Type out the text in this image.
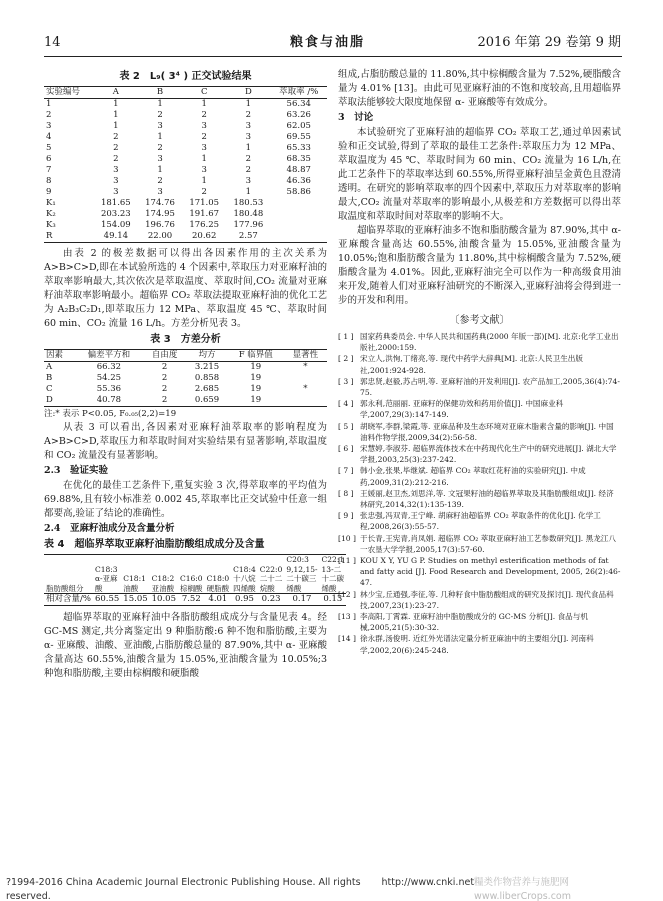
14	粮食与油脂	2016 年第 29 卷第 9 期
表 2　L₉( 3⁴ ) 正交试验结果
实验编号	A	B	C	D	萃取率 /%
1	1	1	1	1	56.34
2	1	2	2	2	63.26
3	1	3	3	3	62.05
4	2	1	2	3	69.55
5	2	2	3	1	65.33
6	2	3	1	2	68.35
7	3	1	3	2	48.87
8	3	2	1	3	46.36
9	3	3	2	1	58.86
K₁	181.65	174.76	171.05	180.53	
K₂	203.23	174.95	191.67	180.48	
K₃	154.09	196.76	176.25	177.96	
R	49.14	22.00	20.62	2.57	

由表 2 的极差数据可以得出各因素作用的主次关系为 A>B>C>D,即在本试验所选的 4 个因素中,萃取压力对亚麻籽油的萃取率影响最大,其次依次是萃取温度、萃取时间,CO₂ 流量对亚麻籽油萃取率影响最小。超临界 CO₂ 萃取法提取亚麻籽油的优化工艺为 A₂B₃C₂D₁,即萃取压力 12 MPa、萃取温度 45 ℃、萃取时间 60 min、CO₂ 流量 16 L/h。方差分析见表 3。

表 3　方差分析
因素	偏差平方和	自由度	均方	F 临界值	显著性
A	66.32	2	3.215	19	*
B	54.25	2	0.858	19	
C	55.36	2	2.685	19	*
D	40.78	2	0.659	19	
注:* 表示 P<0.05, F₀.₀₅(2,2)=19

从表 3 可以看出,各因素对亚麻籽油萃取率的影响程度为 A>B>C>D,萃取压力和萃取时间对实验结果有显著影响,萃取温度和 CO₂ 流量没有显著影响。

2.3　验证实验

在优化的最佳工艺条件下,重复实验 3 次,得萃取率的平均值为 69.88%,且有较小标准差 0.002 45,萃取率比正交试验中任意一组都要高,验证了结论的准确性。

2.4　亚麻籽油成分及含量分析
表 4　超临界萃取亚麻籽油脂肪酸组成成分及含量
脂肪酸组分	C18:3 α-亚麻酸	C18:1 油酸	C18:2 亚油酸	C16:0 棕榈酸	C18:0 硬脂酸	C18:4 十八烷四烯酸	C22:0 二十二烷酸	C20:3 9,12,15-二十碳三烯酸	C22:1 13-二十二碳烯酸
相对含量/%	60.55	15.05	10.05	7.52	4.01	0.95	0.23	0.17	0.13

超临界萃取的亚麻籽油中各脂肪酸组成成分与含量见表 4。经 GC-MS 测定,共分离鉴定出 9 种脂肪酸:6 种不饱和脂肪酸,主要为 α- 亚麻酸、油酸、亚油酸,占脂肪酸总量的 87.90%,其中 α- 亚麻酸含量高达 60.55%,油酸含量为 15.05%,亚油酸含量为 10.05%;3 种饱和脂肪酸,主要由棕榈酸和硬脂酸

组成,占脂肪酸总量的 11.80%,其中棕榈酸含量为 7.52%,硬脂酸含量为 4.01% [13]。由此可见亚麻籽油的不饱和度较高,且用超临界萃取法能够较大限度地保留 α- 亚麻酸等有效成分。

3　讨论

本试验研究了亚麻籽油的超临界 CO₂ 萃取工艺,通过单因素试验和正交试验,得到了萃取的最佳工艺条件:萃取压力为 12 MPa、萃取温度为 45 ℃、萃取时间为 60 min、CO₂ 流量为 16 L/h,在此工艺条件下的萃取率达到 60.55%,所得亚麻籽油呈金黄色且澄清透明。在研究的影响萃取率的四个因素中,萃取压力对萃取率的影响最大,CO₂ 流量对萃取率的影响最小,从极差和方差数据可以得出萃取温度和萃取时间对萃取率的影响不大。

超临界萃取的亚麻籽油多不饱和脂肪酸含量为 87.90%,其中 α- 亚麻酸含量高达 60.55%,油酸含量为 15.05%,亚油酸含量为 10.05%;饱和脂肪酸含量为 11.80%,其中棕榈酸含量为 7.52%,硬脂酸含量为 4.01%。因此,亚麻籽油完全可以作为一种高级食用油来开发,随着人们对亚麻籽油研究的不断深入,亚麻籽油将会得到进一步的开发和利用。

〔参考文献〕
[ 1 ] 国家药典委员会. 中华人民共和国药典(2000 年版一部)[M]. 北京:化学工业出版社,2000:159.
[ 2 ] 宋立人,洪恂,丁绪亮,等. 现代中药学大辞典[M]. 北京:人民卫生出版社,2001:924-928.
[ 3 ] 郭忠贤,赵毅,苏占明,等. 亚麻籽油的开发利用[J]. 农产品加工,2005,36(4):74-75.
[ 4 ] 郭永利,范丽丽. 亚麻籽的保健功效和药用价值[J]. 中国麻业科学,2007,29(3):147-149.
[ 5 ] 胡晓军,李群,梁霞,等. 亚麻品种及生态环境对亚麻木脂素含量的影响[J]. 中国油料作物学报,2009,34(2):56-58.
[ 6 ] 宋慧婷,李淑芬. 超临界流体技术在中药现代化生产中的研究进展[J]. 湖北大学学报,2003,25(3):237-242.
[ 7 ] 韩小金,张果,毕继斌. 超临界 CO₂ 萃取红花籽油的实验研究[J]. 中成药,2009,31(2):212-216.
[ 8 ] 王媛丽,赵卫杰,刘思洋,等. 文冠果籽油的超临界萃取及其脂肪酸组成[J]. 经济林研究,2014,32(1):135-139.
[ 9 ] 张忠强,冯双青,王宁峰. 胡麻籽油超临界 CO₂ 萃取条件的优化[J]. 化学工程,2008,26(3):55-57.
[10 ] 于长青,王宪青,肖凤娟. 超临界 CO₂ 萃取亚麻籽油工艺参数研究[J]. 黑龙江八一农垦大学学报,2005,17(3):57-60.
[11 ] KOU X Y, YU G P. Studies on methyl esterification methods of fat and fatty acid [J]. Food Research and Development, 2005, 26(2):46-47.
[12 ] 林少宝,丘通强,李征,等. 几种籽食中脂肪酸组成的研究及探讨[J]. 现代食品科技,2007,23(1):23-27.
[13 ] 李高阳,丁霄霖. 亚麻籽油中脂肪酸成分的 GC-MS 分析[J]. 食品与机械,2005,21(5):30-32.
[14 ] 徐永群,汤俊明. 近红外光谱法定量分析亚麻油中的主要组分[J]. 河南科学,2002,20(6):245-248.
?1994-2016 China Academic Journal Electronic Publishing House. All rights reserved.
http://www.cnki.net 糧类作物营养与施肥网 www.liberCrops.com
